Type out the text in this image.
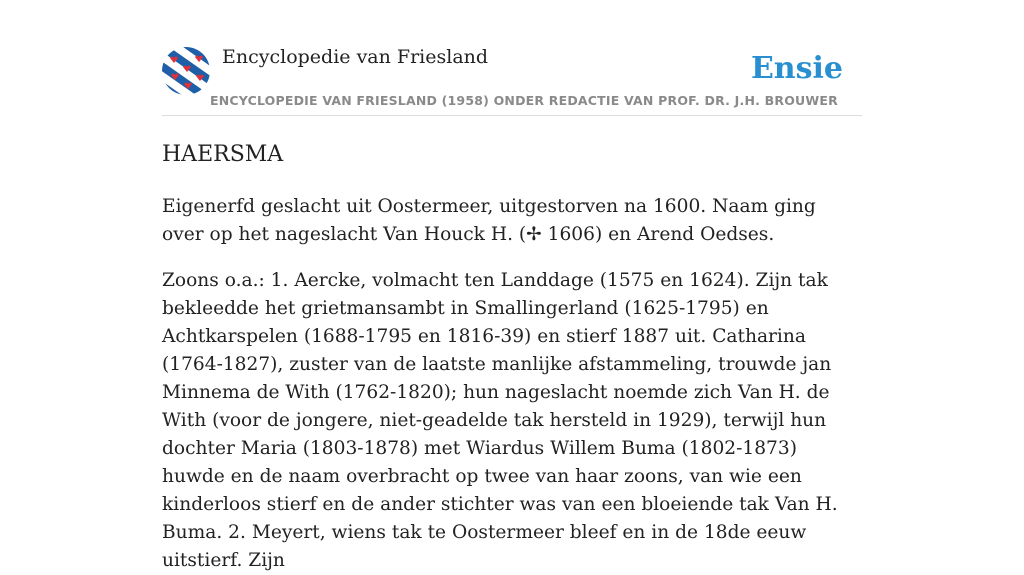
Encyclopedie van Friesland
ENCYCLOPEDIE VAN FRIESLAND (1958) ONDER REDACTIE VAN PROF. DR. J.H. BROUWER
Ensie
HAERSMA

Eigenerfd geslacht uit Oostermeer, uitgestorven na 1600. Naam ging over op het nageslacht Van Houck H. (✢ 1606) en Arend Oedses.

Zoons o.a.: 1. Aercke, volmacht ten Landdage (1575 en 1624). Zijn tak bekleedde het grietmansambt in Smallingerland (1625-1795) en Achtkarspelen (1688-1795 en 1816-39) en stierf 1887 uit. Catharina (1764-1827), zuster van de laatste manlijke afstammeling, trouwde jan Minnema de With (1762-1820); hun nageslacht noemde zich Van H. de With (voor de jongere, niet-geadelde tak hersteld in 1929), terwijl hun dochter Maria (1803-1878) met Wiardus Willem Buma (1802-1873) huwde en de naam overbracht op twee van haar zoons, van wie een kinderloos stierf en de ander stichter was van een bloeiende tak Van H. Buma. 2. Meyert, wiens tak te Oostermeer bleef en in de 18de eeuw uitstierf. Zijn
